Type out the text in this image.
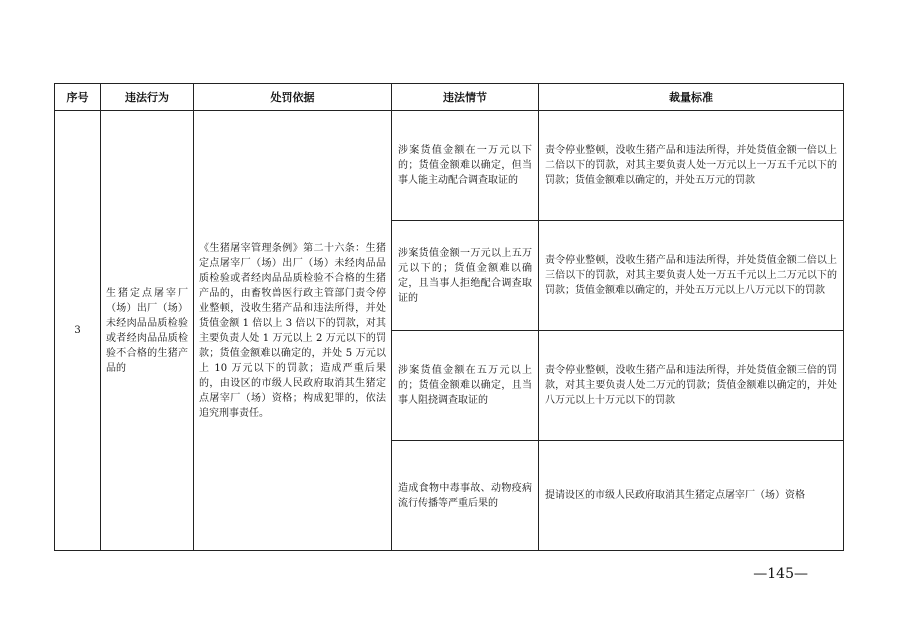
序号	违法行为	处罚依据	违法情节	裁量标准
3	生猪定点屠宰厂（场）出厂（场）未经肉品品质检验或者经肉品品质检验不合格的生猪产品的	《生猪屠宰管理条例》第二十六条：生猪定点屠宰厂（场）出厂（场）未经肉品品质检验或者经肉品品质检验不合格的生猪产品的，由畜牧兽医行政主管部门责令停业整顿，没收生猪产品和违法所得，并处货值金额 1 倍以上 3 倍以下的罚款，对其主要负责人处 1 万元以上 2 万元以下的罚款；货值金额难以确定的，并处 5 万元以上 10 万元以下的罚款；造成严重后果的，由设区的市级人民政府取消其生猪定点屠宰厂（场）资格；构成犯罪的，依法追究刑事责任。	涉案货值金额在一万元以下的；货值金额难以确定，但当事人能主动配合调查取证的	责令停业整顿，没收生猪产品和违法所得，并处货值金额一倍以上二倍以下的罚款，对其主要负责人处一万元以上一万五千元以下的罚款；货值金额难以确定的，并处五万元的罚款
			涉案货值金额一万元以上五万元以下的；货值金额难以确定，且当事人拒绝配合调查取证的	责令停业整顿，没收生猪产品和违法所得，并处货值金额二倍以上三倍以下的罚款，对其主要负责人处一万五千元以上二万元以下的罚款；货值金额难以确定的，并处五万元以上八万元以下的罚款
			涉案货值金额在五万元以上的；货值金额难以确定，且当事人阻挠调查取证的	责令停业整顿，没收生猪产品和违法所得，并处货值金额三倍的罚款，对其主要负责人处二万元的罚款；货值金额难以确定的，并处八万元以上十万元以下的罚款
			造成食物中毒事故、动物疫病流行传播等严重后果的	提请设区的市级人民政府取消其生猪定点屠宰厂（场）资格
—145—
